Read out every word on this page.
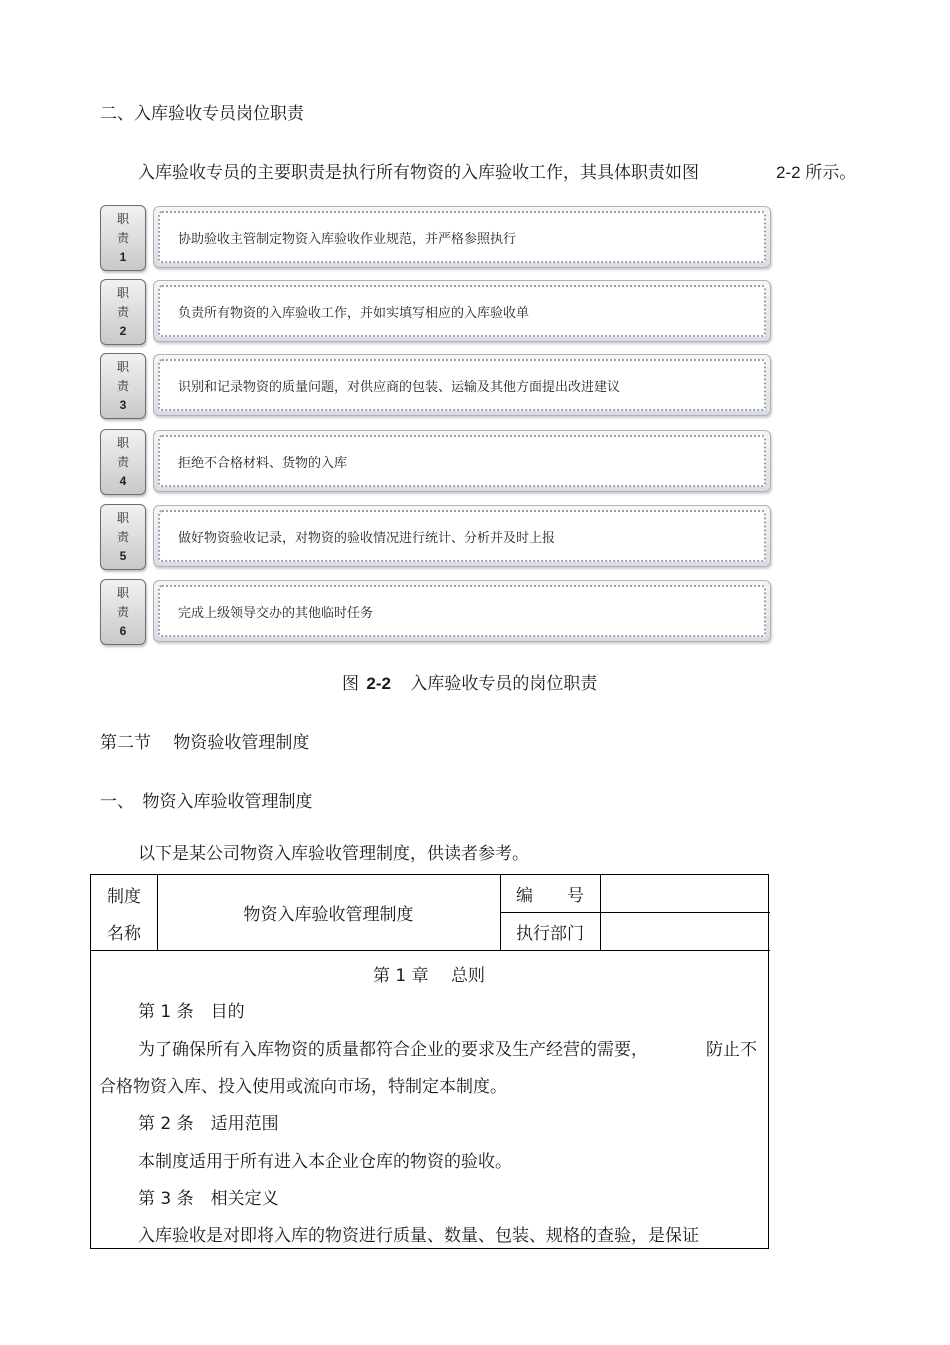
二、入库验收专员岗位职责
入库验收专员的主要职责是执行所有物资的入库验收工作，其具体职责如图	2-2 所示。
职
责
1
协助验收主管制定物资入库验收作业规范，并严格参照执行
职
责
2
负责所有物资的入库验收工作，并如实填写相应的入库验收单
职
责
3
识别和记录物资的质量问题，对供应商的包装、运输及其他方面提出改进建议
职
责
4
拒绝不合格材料、货物的入库
职
责
5
做好物资验收记录，对物资的验收情况进行统计、分析并及时上报
职
责
6
完成上级领导交办的其他临时任务
图 2-2 入库验收专员的岗位职责
第二节　 物资验收管理制度
一、　物资入库验收管理制度
以下是某公司物资入库验收管理制度，供读者参考。
制度
名称
物资入库验收管理制度
编　　号
执行部门
第 1 章　 总则
第 1 条　目的
为了确保所有入库物资的质量都符合企业的要求及生产经营的需要，	防止不
合格物资入库、投入使用或流向市场，特制定本制度。
第 2 条　适用范围
本制度适用于所有进入本企业仓库的物资的验收。
第 3 条　相关定义
入库验收是对即将入库的物资进行质量、数量、包装、规格的查验，是保证
